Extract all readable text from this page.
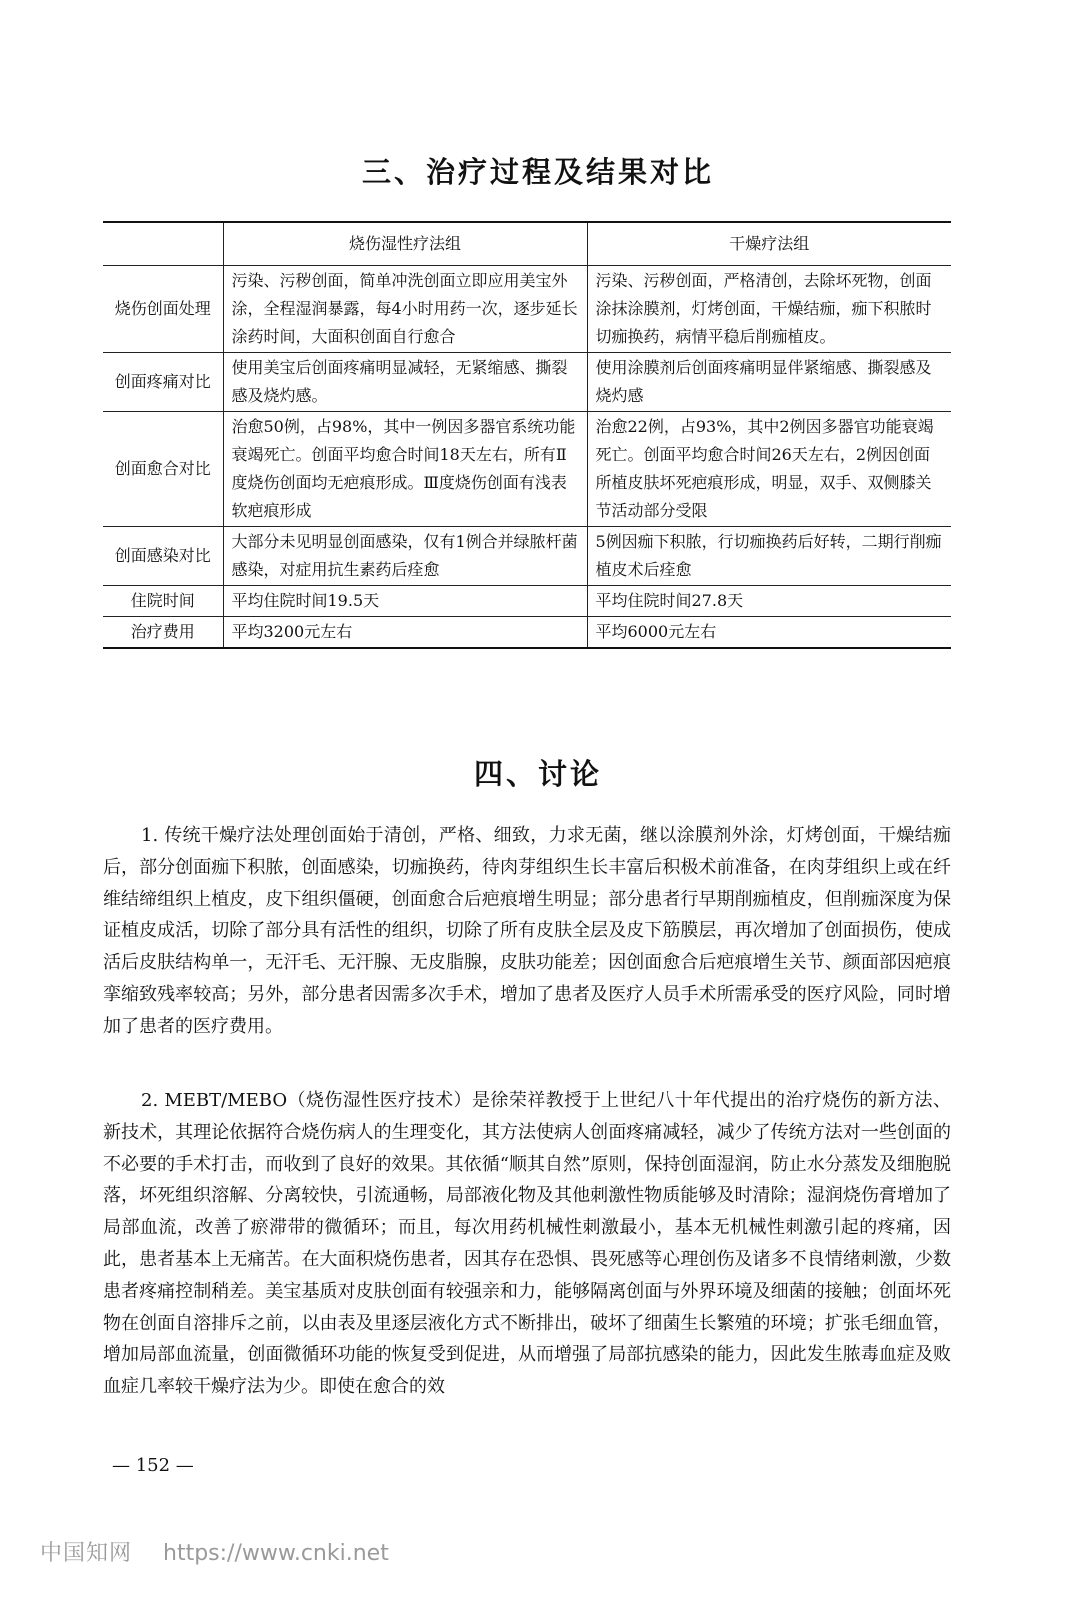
三、治疗过程及结果对比
	烧伤湿性疗法组	干燥疗法组
烧伤创面处理	污染、污秽创面，简单冲洗创面立即应用美宝外涂，全程湿润暴露，每4小时用药一次，逐步延长涂药时间，大面积创面自行愈合	污染、污秽创面，严格清创，去除坏死物，创面涂抹涂膜剂，灯烤创面，干燥结痂，痂下积脓时切痂换药，病情平稳后削痂植皮。
创面疼痛对比	使用美宝后创面疼痛明显减轻，无紧缩感、撕裂感及烧灼感。	使用涂膜剂后创面疼痛明显伴紧缩感、撕裂感及烧灼感
创面愈合对比	治愈50例，占98%，其中一例因多器官系统功能衰竭死亡。创面平均愈合时间18天左右，所有Ⅱ度烧伤创面均无疤痕形成。Ⅲ度烧伤创面有浅表软疤痕形成	治愈22例，占93%，其中2例因多器官功能衰竭死亡。创面平均愈合时间26天左右，2例因创面所植皮肤坏死疤痕形成，明显，双手、双侧膝关节活动部分受限
创面感染对比	大部分未见明显创面感染，仅有1例合并绿脓杆菌感染，对症用抗生素药后痊愈	5例因痂下积脓，行切痂换药后好转，二期行削痂植皮术后痊愈
住院时间	平均住院时间19.5天	平均住院时间27.8天
治疗费用	平均3200元左右	平均6000元左右
四、讨论

1. 传统干燥疗法处理创面始于清创，严格、细致，力求无菌，继以涂膜剂外涂，灯烤创面，干燥结痂后，部分创面痂下积脓，创面感染，切痂换药，待肉芽组织生长丰富后积极术前准备，在肉芽组织上或在纤维结缔组织上植皮，皮下组织僵硬，创面愈合后疤痕增生明显；部分患者行早期削痂植皮，但削痂深度为保证植皮成活，切除了部分具有活性的组织，切除了所有皮肤全层及皮下筋膜层，再次增加了创面损伤，使成活后皮肤结构单一，无汗毛、无汗腺、无皮脂腺，皮肤功能差；因创面愈合后疤痕增生关节、颜面部因疤痕挛缩致残率较高；另外，部分患者因需多次手术，增加了患者及医疗人员手术所需承受的医疗风险，同时增加了患者的医疗费用。

2. MEBT/MEBO（烧伤湿性医疗技术）是徐荣祥教授于上世纪八十年代提出的治疗烧伤的新方法、新技术，其理论依据符合烧伤病人的生理变化，其方法使病人创面疼痛减轻，减少了传统方法对一些创面的不必要的手术打击，而收到了良好的效果。其依循“顺其自然”原则，保持创面湿润，防止水分蒸发及细胞脱落，坏死组织溶解、分离较快，引流通畅，局部液化物及其他刺激性物质能够及时清除；湿润烧伤膏增加了局部血流，改善了瘀滞带的微循环；而且，每次用药机械性刺激最小，基本无机械性刺激引起的疼痛，因此，患者基本上无痛苦。在大面积烧伤患者，因其存在恐惧、畏死感等心理创伤及诸多不良情绪刺激，少数患者疼痛控制稍差。美宝基质对皮肤创面有较强亲和力，能够隔离创面与外界环境及细菌的接触；创面坏死物在创面自溶排斥之前，以由表及里逐层液化方式不断排出，破坏了细菌生长繁殖的环境；扩张毛细血管，增加局部血流量，创面微循环功能的恢复受到促进，从而增强了局部抗感染的能力，因此发生脓毒血症及败血症几率较干燥疗法为少。即使在愈合的效

— 152 —
中国知网 https://www.cnki.net
